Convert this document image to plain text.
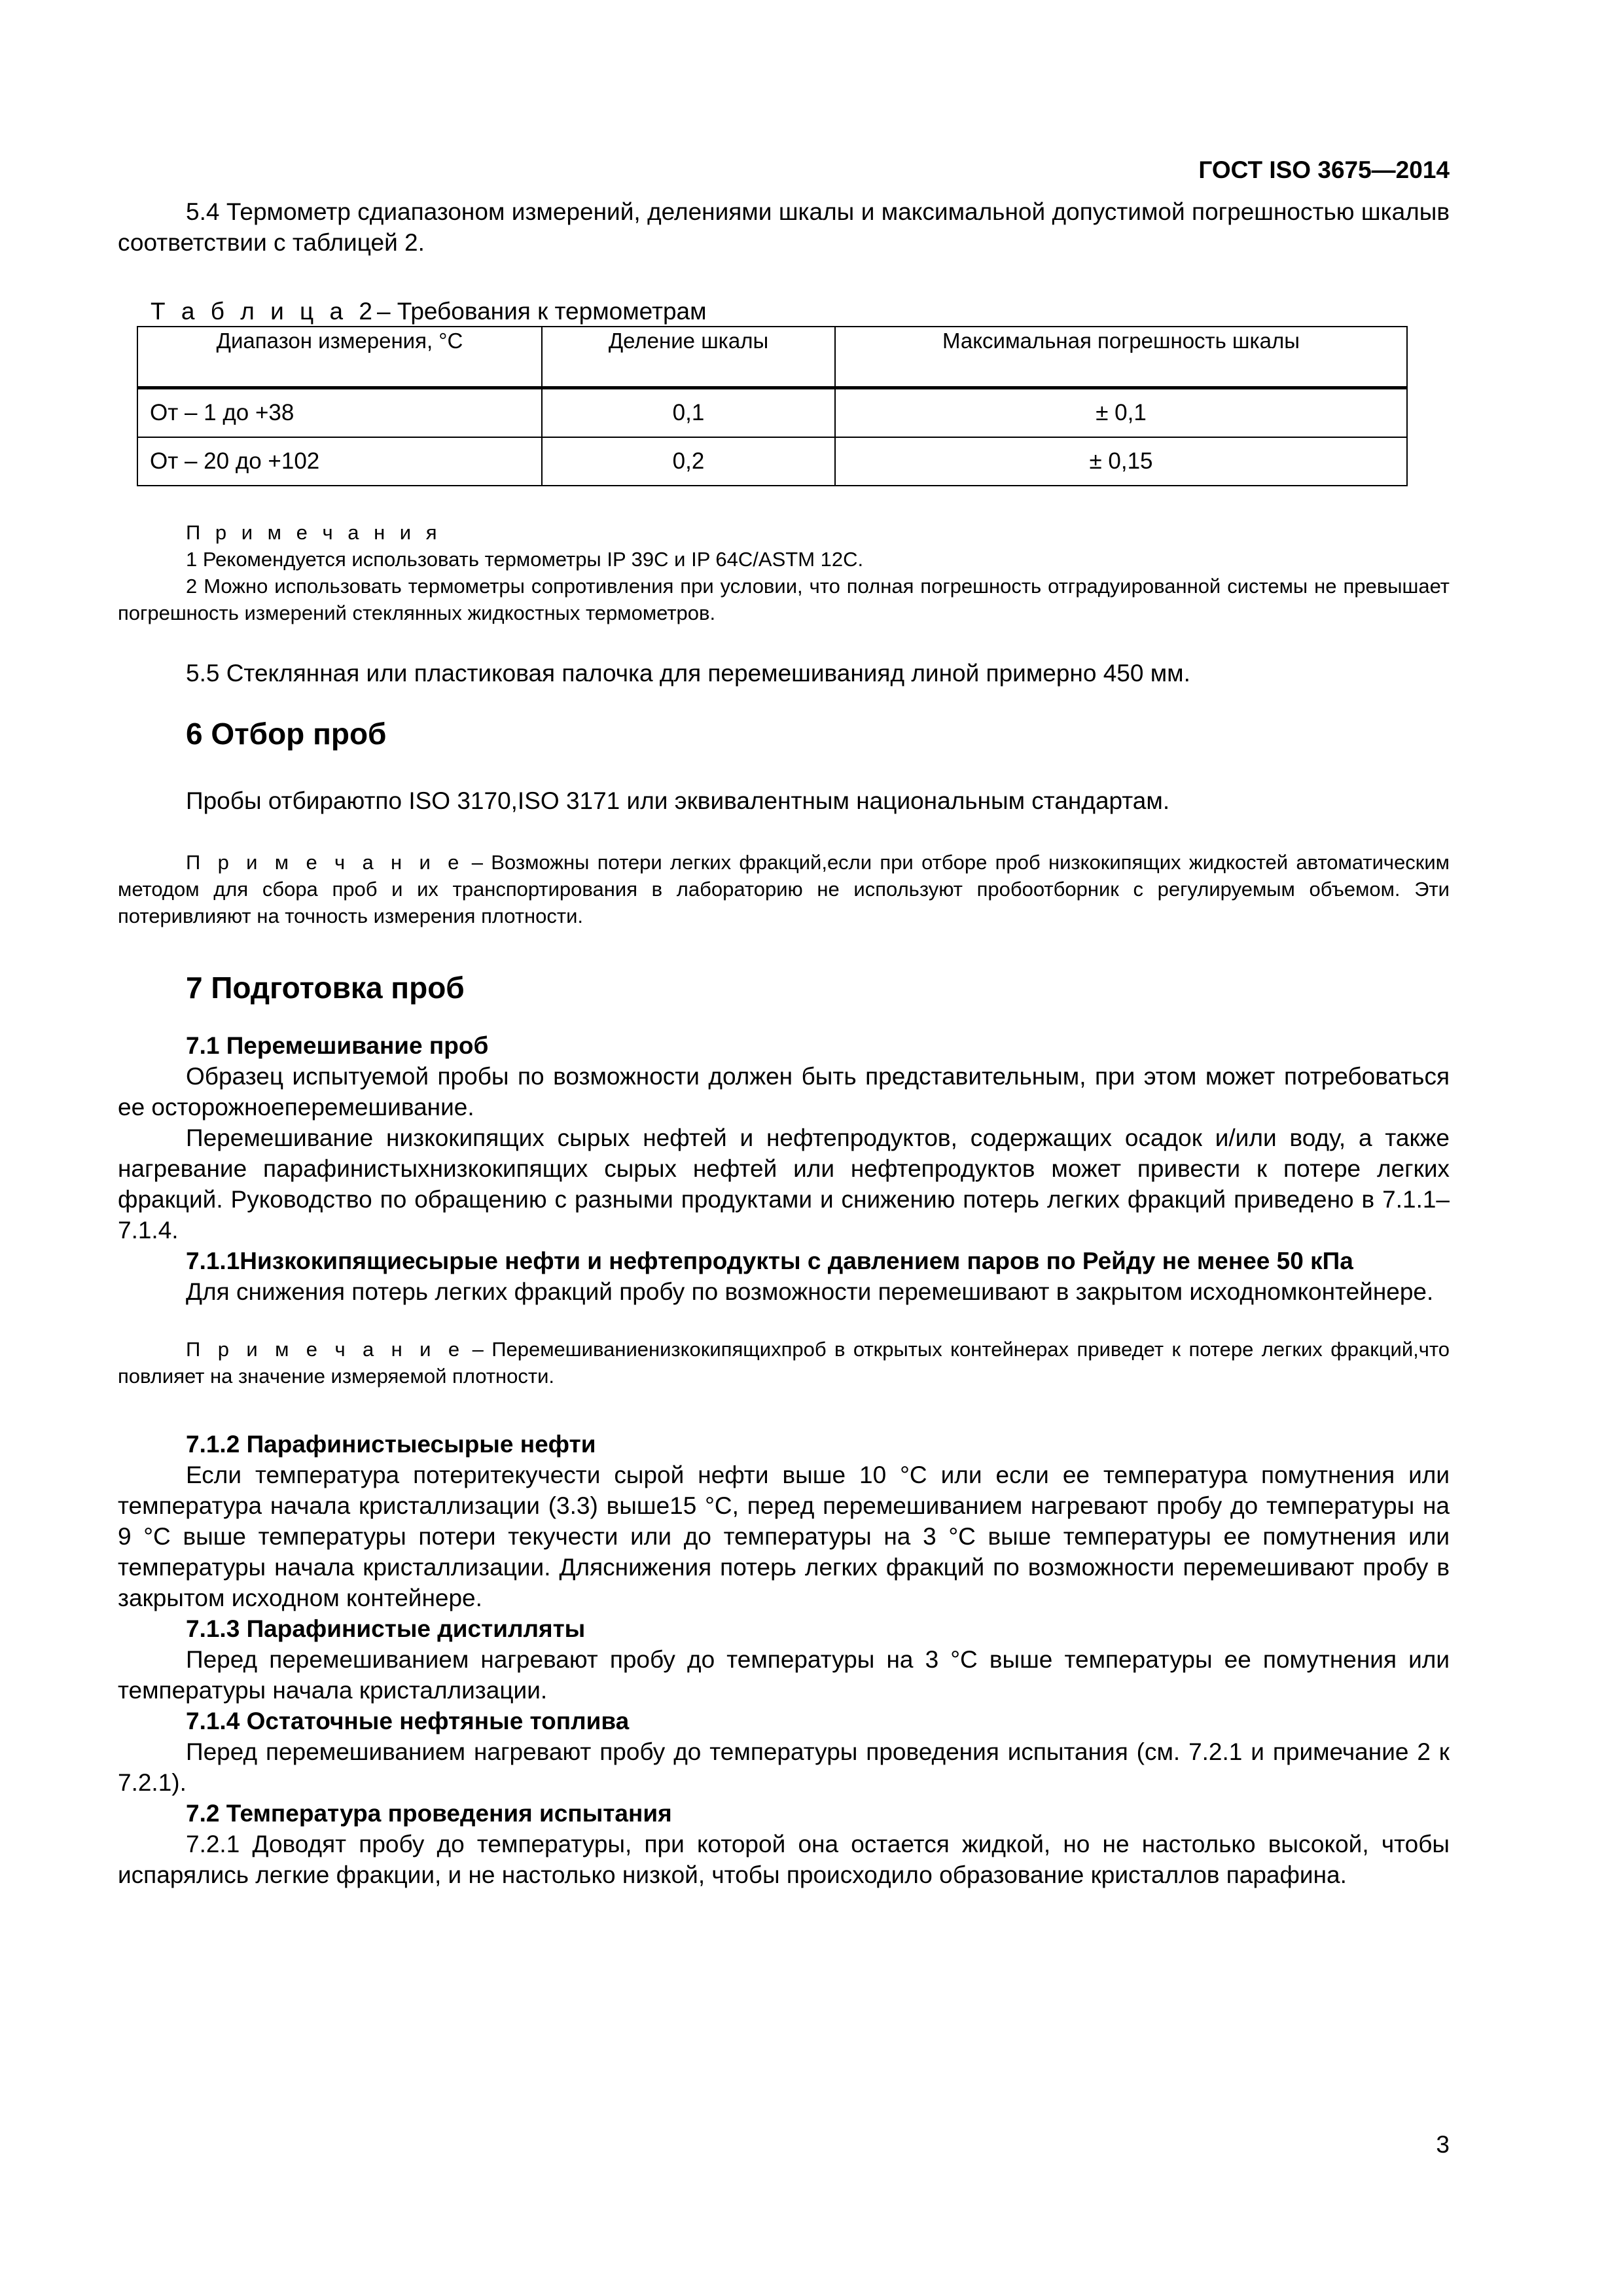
ГОСТ ISO 3675—2014

5.4 Термометр сдиапазоном измерений, делениями шкалы и максимальной допустимой погрешностью шкалыв соответствии с таблицей 2.

Т а б л и ц а 2– Требования к термометрам

Диапазон измерения, °C	Деление шкалы	Максимальная погрешность шкалы
От – 1 до +38	0,1	± 0,1
От – 20 до +102	0,2	± 0,15

П р и м е ч а н и я

1 Рекомендуется использовать термометры IP 39C и IP 64C/ASTM 12C.

2 Можно использовать термометры сопротивления при условии, что полная погрешность отградуированной системы не превышает погрешность измерений стеклянных жидкостных термометров.

5.5 Стеклянная или пластиковая палочка для перемешиванияд линой примерно 450 мм.

6 Отбор проб

Пробы отбираютпо ISO 3170,ISO 3171 или эквивалентным национальным стандартам.

П р и м е ч а н и е – Возможны потери легких фракций,если при отборе проб низкокипящих жидкостей автоматическим методом для сбора проб и их транспортирования в лабораторию не используют пробоотборник с регулируемым объемом. Эти потеривлияют на точность измерения плотности.

7 Подготовка проб

7.1 Перемешивание проб

Образец испытуемой пробы по возможности должен быть представительным, при этом может потребоваться ее осторожноеперемешивание.

Перемешивание низкокипящих сырых нефтей и нефтепродуктов, содержащих осадок и/или воду, а также нагревание парафинистыхнизкокипящих сырых нефтей или нефтепродуктов может привести к потере легких фракций. Руководство по обращению с разными продуктами и снижению потерь легких фракций приведено в 7.1.1–7.1.4.

7.1.1Низкокипящиесырые нефти и нефтепродукты с давлением паров по Рейду не менее 50 кПа

Для снижения потерь легких фракций пробу по возможности перемешивают в закрытом исходномконтейнере.

П р и м е ч а н и е – Перемешиваниенизкокипящихпроб в открытых контейнерах приведет к потере легких фракций,что повлияет на значение измеряемой плотности.

7.1.2 Парафинистыесырые нефти

Если температура потеритекучести сырой нефти выше 10 °С или если ее температура помутнения или температура начала кристаллизации (3.3) выше15 °С, перед перемешиванием нагревают пробу до температуры на 9 °С выше температуры потери текучести или до температуры на 3 °С выше температуры ее помутнения или температуры начала кристаллизации. Дляснижения потерь легких фракций по возможности перемешивают пробу в закрытом исходном контейнере.

7.1.3 Парафинистые дистилляты

Перед перемешиванием нагревают пробу до температуры на 3 °С выше температуры ее помутнения или температуры начала кристаллизации.

7.1.4 Остаточные нефтяные топлива

Перед перемешиванием нагревают пробу до температуры проведения испытания (см. 7.2.1 и примечание 2 к 7.2.1).

7.2 Температура проведения испытания

7.2.1 Доводят пробу до температуры, при которой она остается жидкой, но не настолько высокой, чтобы испарялись легкие фракции, и не настолько низкой, чтобы происходило образование кристаллов парафина.

3
